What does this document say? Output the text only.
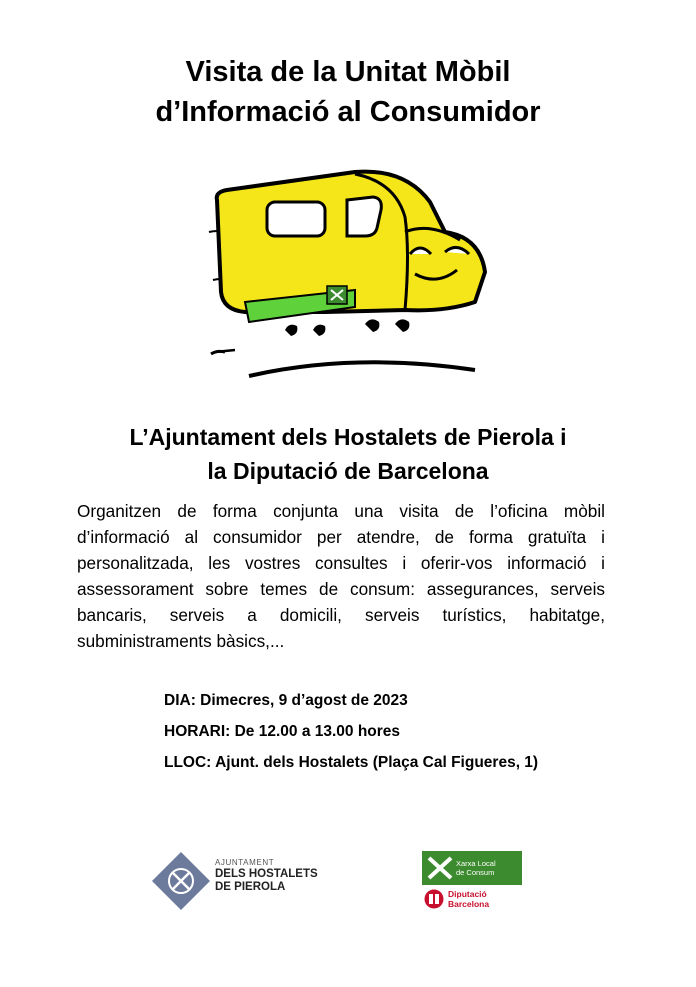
Visita de la Unitat Mòbil
d’Informació al Consumidor
L’Ajuntament dels Hostalets de Pierola i
la Diputació de Barcelona
Organitzen de forma conjunta una visita de l’oficina mòbil d’informació al consumidor per atendre, de forma gratuïta i personalitzada, les vostres consultes i oferir-vos informació i assessorament sobre temes de consum: assegurances, serveis bancaris, serveis a domicili, serveis turístics, habitatge, subministraments bàsics,...
DIA: Dimecres, 9 d’agost de 2023
HORARI: De 12.00 a 13.00 hores
LLOC: Ajunt. dels Hostalets (Plaça Cal Figueres, 1)
AJUNTAMENT
DELS HOSTALETS
DE PIEROLA
Xarxa Local
de Consum
Diputació
Barcelona
